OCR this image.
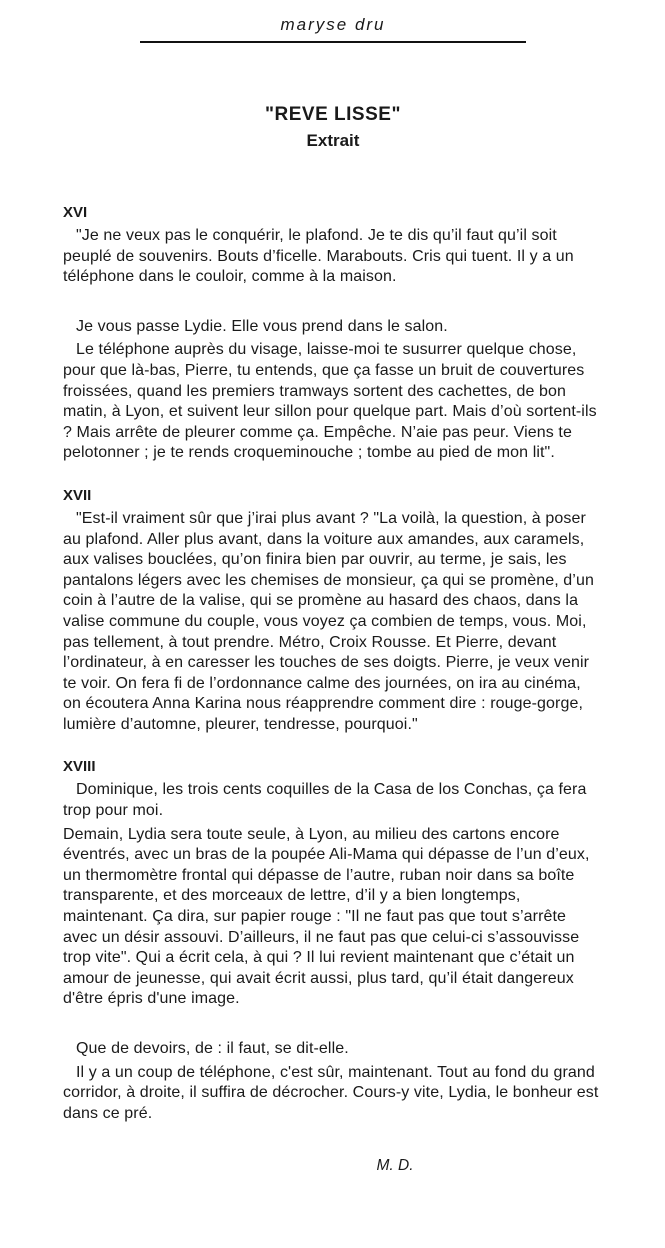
maryse dru
"REVE LISSE"
Extrait
XVI

"Je ne veux pas le conquérir, le plafond. Je te dis qu’il faut qu’il soit peuplé de souvenirs. Bouts d’ficelle. Marabouts. Cris qui tuent. Il y a un téléphone dans le couloir, comme à la maison.

Je vous passe Lydie. Elle vous prend dans le salon.

Le téléphone auprès du visage, laisse-moi te susurrer quelque chose, pour que là-bas, Pierre, tu entends, que ça fasse un bruit de couvertures froissées, quand les premiers tramways sortent des cachettes, de bon matin, à Lyon, et suivent leur sillon pour quelque part. Mais d’où sortent-ils ? Mais arrête de pleurer comme ça. Empêche. N’aie pas peur. Viens te pelotonner ; je te rends croqueminouche ; tombe au pied de mon lit".

XVII

"Est-il vraiment sûr que j’irai plus avant ? "La voilà, la question, à poser au plafond. Aller plus avant, dans la voiture aux amandes, aux caramels, aux valises bouclées, qu’on finira bien par ouvrir, au terme, je sais, les pantalons légers avec les chemises de monsieur, ça qui se promène, d’un coin à l’autre de la valise, qui se promène au hasard des chaos, dans la valise commune du couple, vous voyez ça combien de temps, vous. Moi, pas tellement, à tout prendre. Métro, Croix Rousse. Et Pierre, devant l’ordinateur, à en caresser les touches de ses doigts. Pierre, je veux venir te voir. On fera fi de l’ordonnance calme des journées, on ira au cinéma, on écoutera Anna Karina nous réapprendre comment dire : rouge-gorge, lumière d’automne, pleurer, tendresse, pourquoi."

XVIII

Dominique, les trois cents coquilles de la Casa de los Conchas, ça fera trop pour moi.

Demain, Lydia sera toute seule, à Lyon, au milieu des cartons encore éventrés, avec un bras de la poupée Ali-Mama qui dépasse de l’un d’eux, un thermomètre frontal qui dépasse de l’autre, ruban noir dans sa boîte transparente, et des morceaux de lettre, d’il y a bien longtemps, maintenant. Ça dira, sur papier rouge : "Il ne faut pas que tout s’arrête avec un désir assouvi. D’ailleurs, il ne faut pas que celui-ci s’assouvisse trop vite". Qui a écrit cela, à qui ? Il lui revient maintenant que c’était un amour de jeunesse, qui avait écrit aussi, plus tard, qu’il était dangereux d'être épris d'une image.

Que de devoirs, de : il faut, se dit-elle.

Il y a un coup de téléphone, c'est sûr, maintenant. Tout au fond du grand corridor, à droite, il suffira de décrocher. Cours-y vite, Lydia, le bonheur est dans ce pré.

M. D.
